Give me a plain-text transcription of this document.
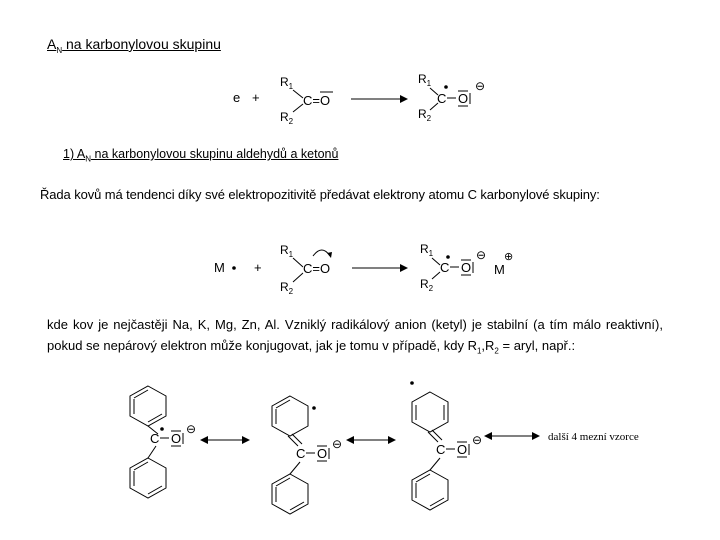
$A_N$ na karbonylovou skupinu
e +
$R_1$
$R_2$
C=O
$R_1$
$R_2$
C O
⊖
1) $A_N$ na karbonylovou skupinu aldehydů a ketonů
Řada kovů má tendenci díky své elektropozitivitě předávat elektrony atomu C karbonylové skupiny:
M +
$R_1$
$R_2$
C=O
$R_1$
$R_2$
C O
⊖
M
⊕
kde kov je nejčastěji Na, K, Mg, Zn, Al. Vzniklý radikálový anion (ketyl) je stabilní (a tím málo reaktivní), pokud se nepárový elektron může konjugovat, jak je tomu v případě, kdy $R_1,R_2$ = aryl, např.:
C O
⊖
C O
⊖	C O
⊖	další 4 mezní vzorce
